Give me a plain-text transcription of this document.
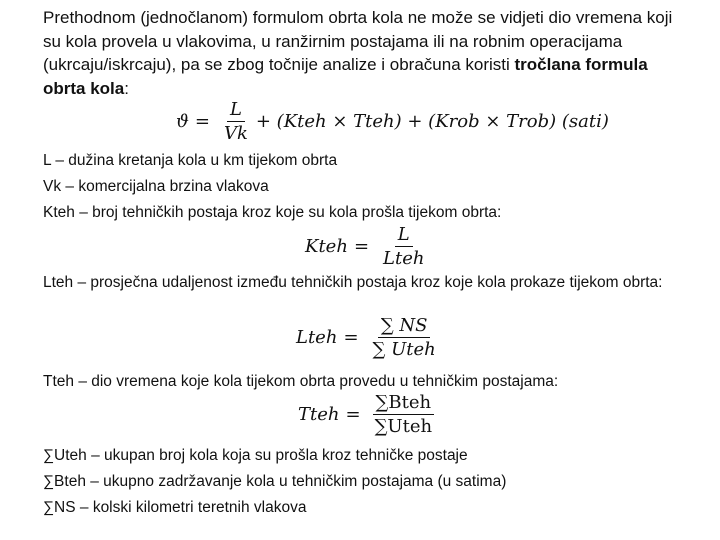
Prethodnom (jednočlanom) formulom obrta kola ne može se vidjeti dio vremena koji su kola provela u vlakovima, u ranžirnim postajama ili na robnim operacijama (ukrcaju/iskrcaju), pa se zbog točnije analize i obračuna koristi tročlana formula obrta kola:

$ϑ = \frac{L}{Vk}$ + (Kteh × Tteh) + (Krob × Trob) (sati)

L – dužina kretanja kola u km tijekom obrta

Vk – komercijalna brzina vlakova

Kteh – broj tehničkih postaja kroz koje su kola prošla tijekom obrta:

Kteh = $\frac{L}{\text{Lteh}}$

Lteh – prosječna udaljenost između tehničkih postaja kroz koje kola prokaze tijekom obrta:

Lteh = $\frac{\sum NS}{\text{∑ Uteh}}$

Tteh – dio vremena koje kola tijekom obrta provedu u tehničkim postajama:

Tteh = $\frac{\text{∑Bteh}}{\text{∑Uteh}}$

∑Uteh – ukupan broj kola koja su prošla kroz tehničke postaje

∑Bteh – ukupno zadržavanje kola u tehničkim postajama (u satima)

∑NS – kolski kilometri teretnih vlakova
